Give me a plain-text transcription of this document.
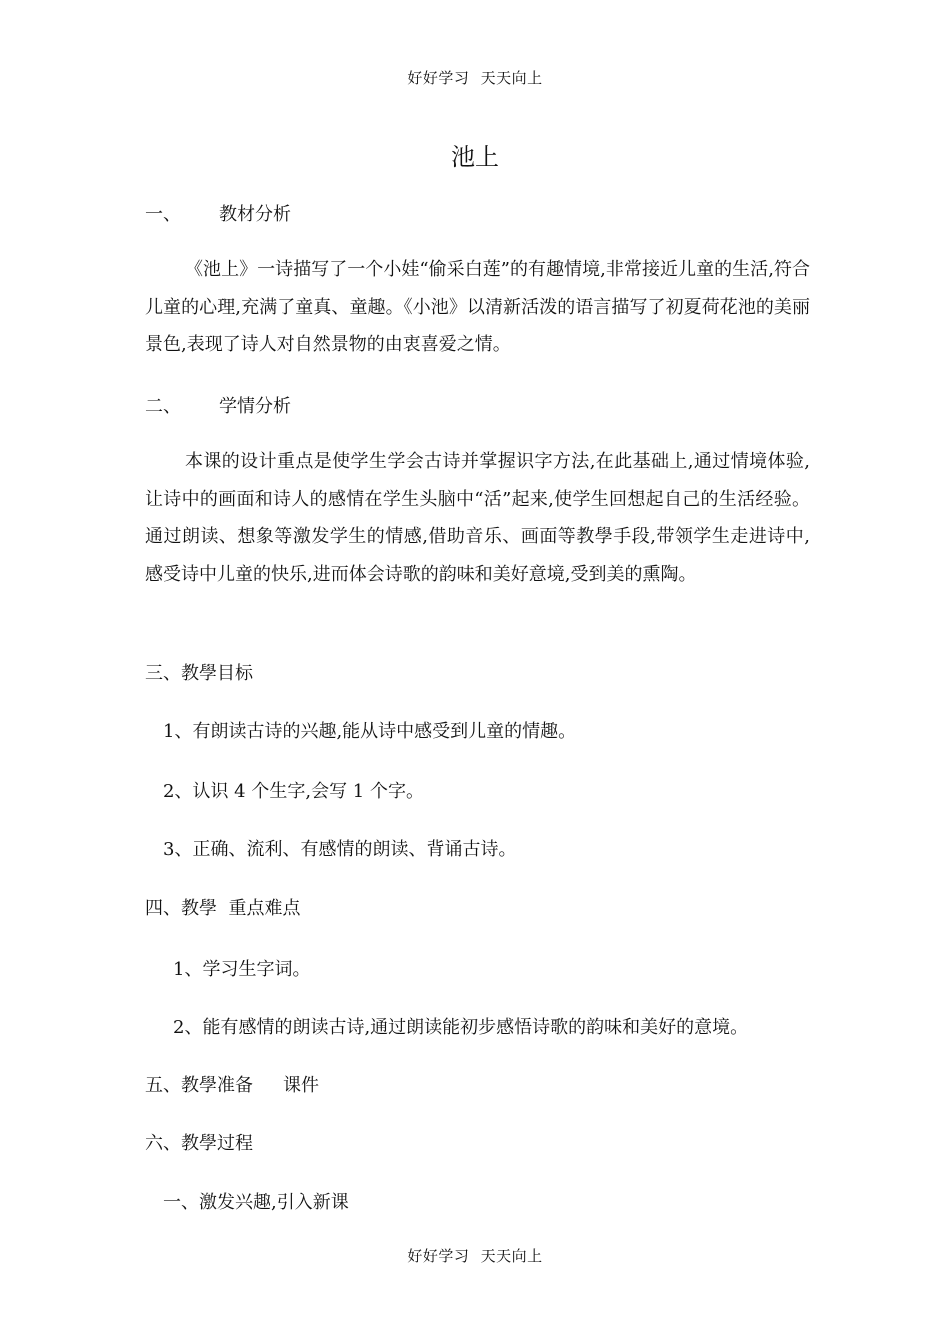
好好学习 天天向上
池上
一、 教材分析
《池上》一诗描写了一个小娃“偷采白莲”的有趣情境,非常接近儿童的生活,符合儿童的心理,充满了童真、童趣。《小池》以清新活泼的语言描写了初夏荷花池的美丽景色,表现了诗人对自然景物的由衷喜爱之情。
二、 学情分析
本课的设计重点是使学生学会古诗并掌握识字方法,在此基础上,通过情境体验,让诗中的画面和诗人的感情在学生头脑中“活”起来,使学生回想起自己的生活经验。通过朗读、想象等激发学生的情感,借助音乐、画面等教學手段,带领学生走进诗中,感受诗中儿童的快乐,进而体会诗歌的韵味和美好意境,受到美的熏陶。
三、教學目标
1、有朗读古诗的兴趣,能从诗中感受到儿童的情趣。
2、认识 4 个生字,会写 1 个字。
3、正确、流利、有感情的朗读、背诵古诗。
四、教學  重点难点
1、学习生字词。
2、能有感情的朗读古诗,通过朗读能初步感悟诗歌的韵味和美好的意境。
五、教學准备 课件
六、教學过程
一、激发兴趣,引入新课
好好学习 天天向上
